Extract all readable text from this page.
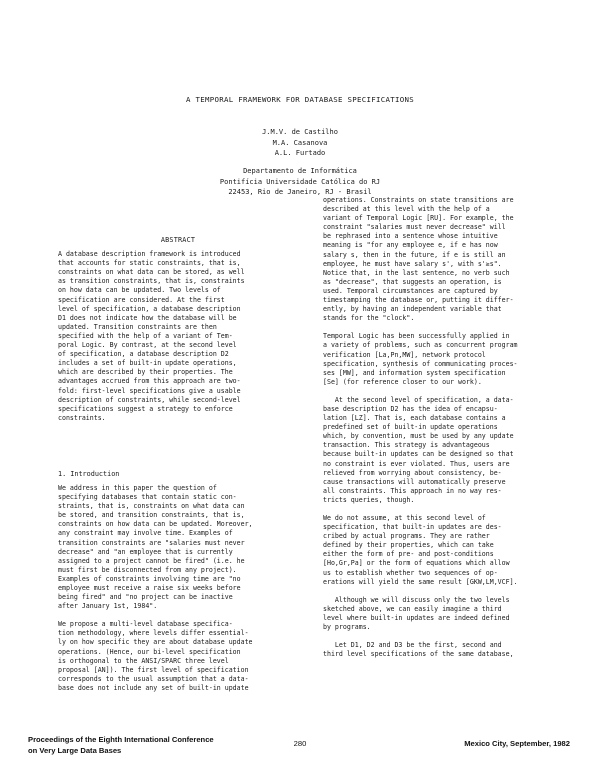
A TEMPORAL FRAMEWORK FOR DATABASE SPECIFICATIONS
J.M.V. de Castilho
M.A. Casanova
A.L. Furtado
Departamento de Informática
Pontifícia Universidade Católica do RJ
22453, Rio de Janeiro, RJ - Brasil
ABSTRACT
A database description framework is introduced
that accounts for static constraints, that is,
constraints on what data can be stored, as well
as transition constraints, that is, constraints
on how data can be updated. Two levels of
specification are considered. At the first
level of specification, a database description
D1 does not indicate how the database will be
updated. Transition constraints are then
specified with the help of a variant of Tem-
poral Logic. By contrast, at the second level
of specification, a database description D2
includes a set of built-in update operations,
which are described by their properties. The
advantages accrued from this approach are two-
fold: first-level specifications give a usable
description of constraints, while second-level
specifications suggest a strategy to enforce
constraints.
1. Introduction
We address in this paper the question of
specifying databases that contain static con-
straints, that is, constraints on what data can
be stored, and transition constraints, that is,
constraints on how data can be updated. Moreover,
any constraint may involve time. Examples of
transition constraints are "salaries must never
decrease" and "an employee that is currently
assigned to a project cannot be fired" (i.e. he
must first be disconnected from any project).
Examples of constraints involving time are "no
employee must receive a raise six weeks before
being fired" and "no project can be inactive
after January 1st, 1984".
We propose a multi-level database specifica-
tion methodology, where levels differ essential-
ly on how specific they are about database update
operations. (Hence, our bi-level specification
is orthogonal to the ANSI/SPARC three level
proposal [AN]). The first level of specification
corresponds to the usual assumption that a data-
base does not include any set of built-in update
operations. Constraints on state transitions are
described at this level with the help of a
variant of Temporal Logic [RU]. For example, the
constraint "salaries must never decrease" will
be rephrased into a sentence whose intuitive
meaning is "for any employee e, if e has now
salary s, then in the future, if e is still an
employee, he must have salary s', with s'≥s".
Notice that, in the last sentence, no verb such
as "decrease", that suggests an operation, is
used. Temporal circumstances are captured by
timestamping the database or, putting it differ-
ently, by having an independent variable that
stands for the "clock".
Temporal Logic has been successfully applied in
a variety of problems, such as concurrent program
verification [La,Pn,MW], network protocol
specification, synthesis of communicating proces-
ses [MW], and information system specification
[Se] (for reference closer to our work).
At the second level of specification, a data-
base description D2 has the idea of encapsu-
lation [LZ]. That is, each database contains a
predefined set of built-in update operations
which, by convention, must be used by any update
transaction. This strategy is advantageous
because built-in updates can be designed so that
no constraint is ever violated. Thus, users are
relieved from worrying about consistency, be-
cause transactions will automatically preserve
all constraints. This approach in no way res-
tricts queries, though.
We do not assume, at this second level of
specification, that built-in updates are des-
cribed by actual programs. They are rather
defined by their properties, which can take
either the form of pre- and post-conditions
[Ho,Gr,Pa] or the form of equations which allow
us to establish whether two sequences of op-
erations will yield the same result [GKW,LM,VCF].
Although we will discuss only the two levels
sketched above, we can easily imagine a third
level where built-in updates are indeed defined
by programs.
Let D1, D2 and D3 be the first, second and
third level specifications of the same database,
Proceedings of the Eighth International Conference
on Very Large Data Bases
280	Mexico City, September, 1982
